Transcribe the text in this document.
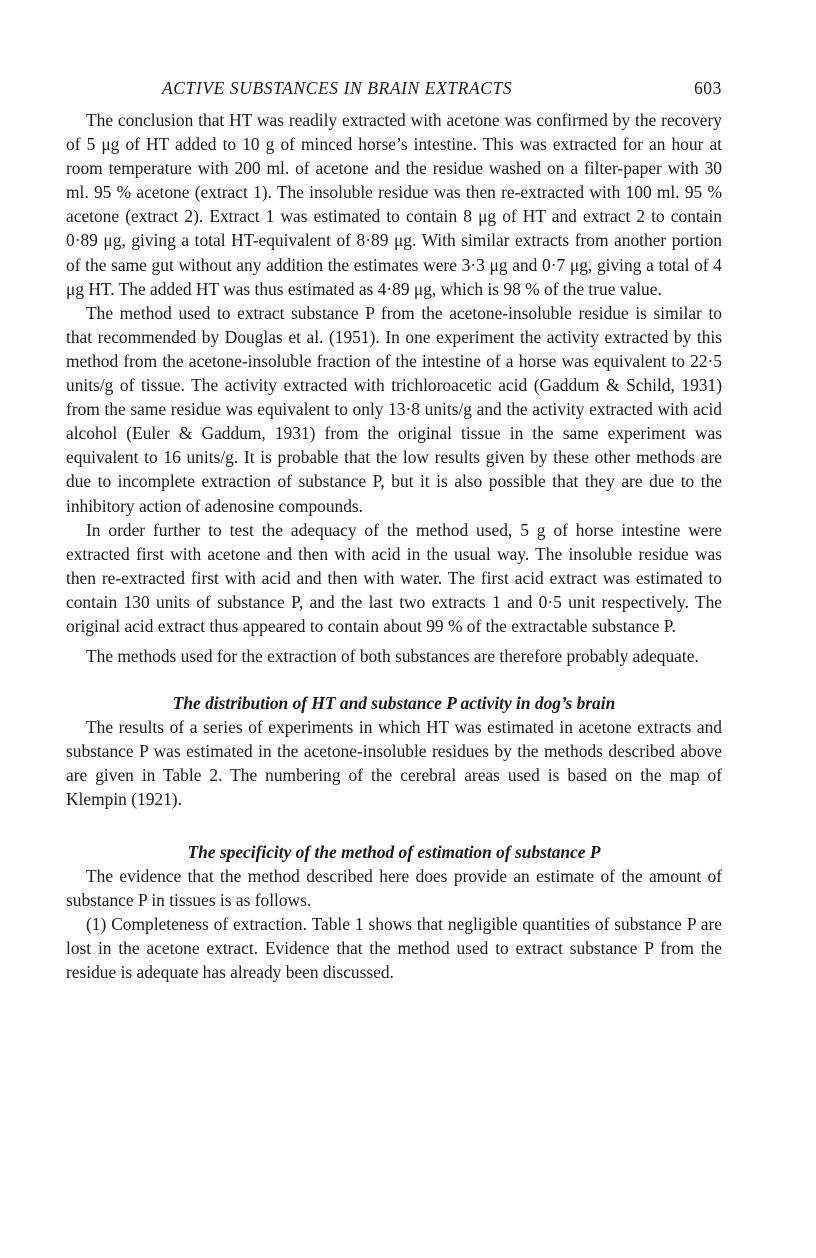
ACTIVE SUBSTANCES IN BRAIN EXTRACTS	603

The conclusion that HT was readily extracted with acetone was confirmed by the recovery of 5 μg of HT added to 10 g of minced horse’s intestine. This was extracted for an hour at room temperature with 200 ml. of acetone and the residue washed on a filter-paper with 30 ml. 95 % acetone (extract 1). The insoluble residue was then re-extracted with 100 ml. 95 % acetone (extract 2). Extract 1 was estimated to contain 8 μg of HT and extract 2 to contain 0·89 μg, giving a total HT-equivalent of 8·89 μg. With similar extracts from another portion of the same gut without any addition the estimates were 3·3 μg and 0·7 μg, giving a total of 4 μg HT. The added HT was thus estimated as 4·89 μg, which is 98 % of the true value.

The method used to extract substance P from the acetone-insoluble residue is similar to that recommended by Douglas et al. (1951). In one experiment the activity extracted by this method from the acetone-insoluble fraction of the intestine of a horse was equivalent to 22·5 units/g of tissue. The activity extracted with trichloroacetic acid (Gaddum & Schild, 1931) from the same residue was equivalent to only 13·8 units/g and the activity extracted with acid alcohol (Euler & Gaddum, 1931) from the original tissue in the same experiment was equivalent to 16 units/g. It is probable that the low results given by these other methods are due to incomplete extraction of substance P, but it is also possible that they are due to the inhibitory action of adenosine compounds.

In order further to test the adequacy of the method used, 5 g of horse intestine were extracted first with acetone and then with acid in the usual way. The insoluble residue was then re-extracted first with acid and then with water. The first acid extract was estimated to contain 130 units of substance P, and the last two extracts 1 and 0·5 unit respectively. The original acid extract thus appeared to contain about 99 % of the extractable substance P.

The methods used for the extraction of both substances are therefore probably adequate.

The distribution of HT and substance P activity in dog’s brain

The results of a series of experiments in which HT was estimated in acetone extracts and substance P was estimated in the acetone-insoluble residues by the methods described above are given in Table 2. The numbering of the cerebral areas used is based on the map of Klempin (1921).

The specificity of the method of estimation of substance P

The evidence that the method described here does provide an estimate of the amount of substance P in tissues is as follows.

(1) Completeness of extraction. Table 1 shows that negligible quantities of substance P are lost in the acetone extract. Evidence that the method used to extract substance P from the residue is adequate has already been discussed.
